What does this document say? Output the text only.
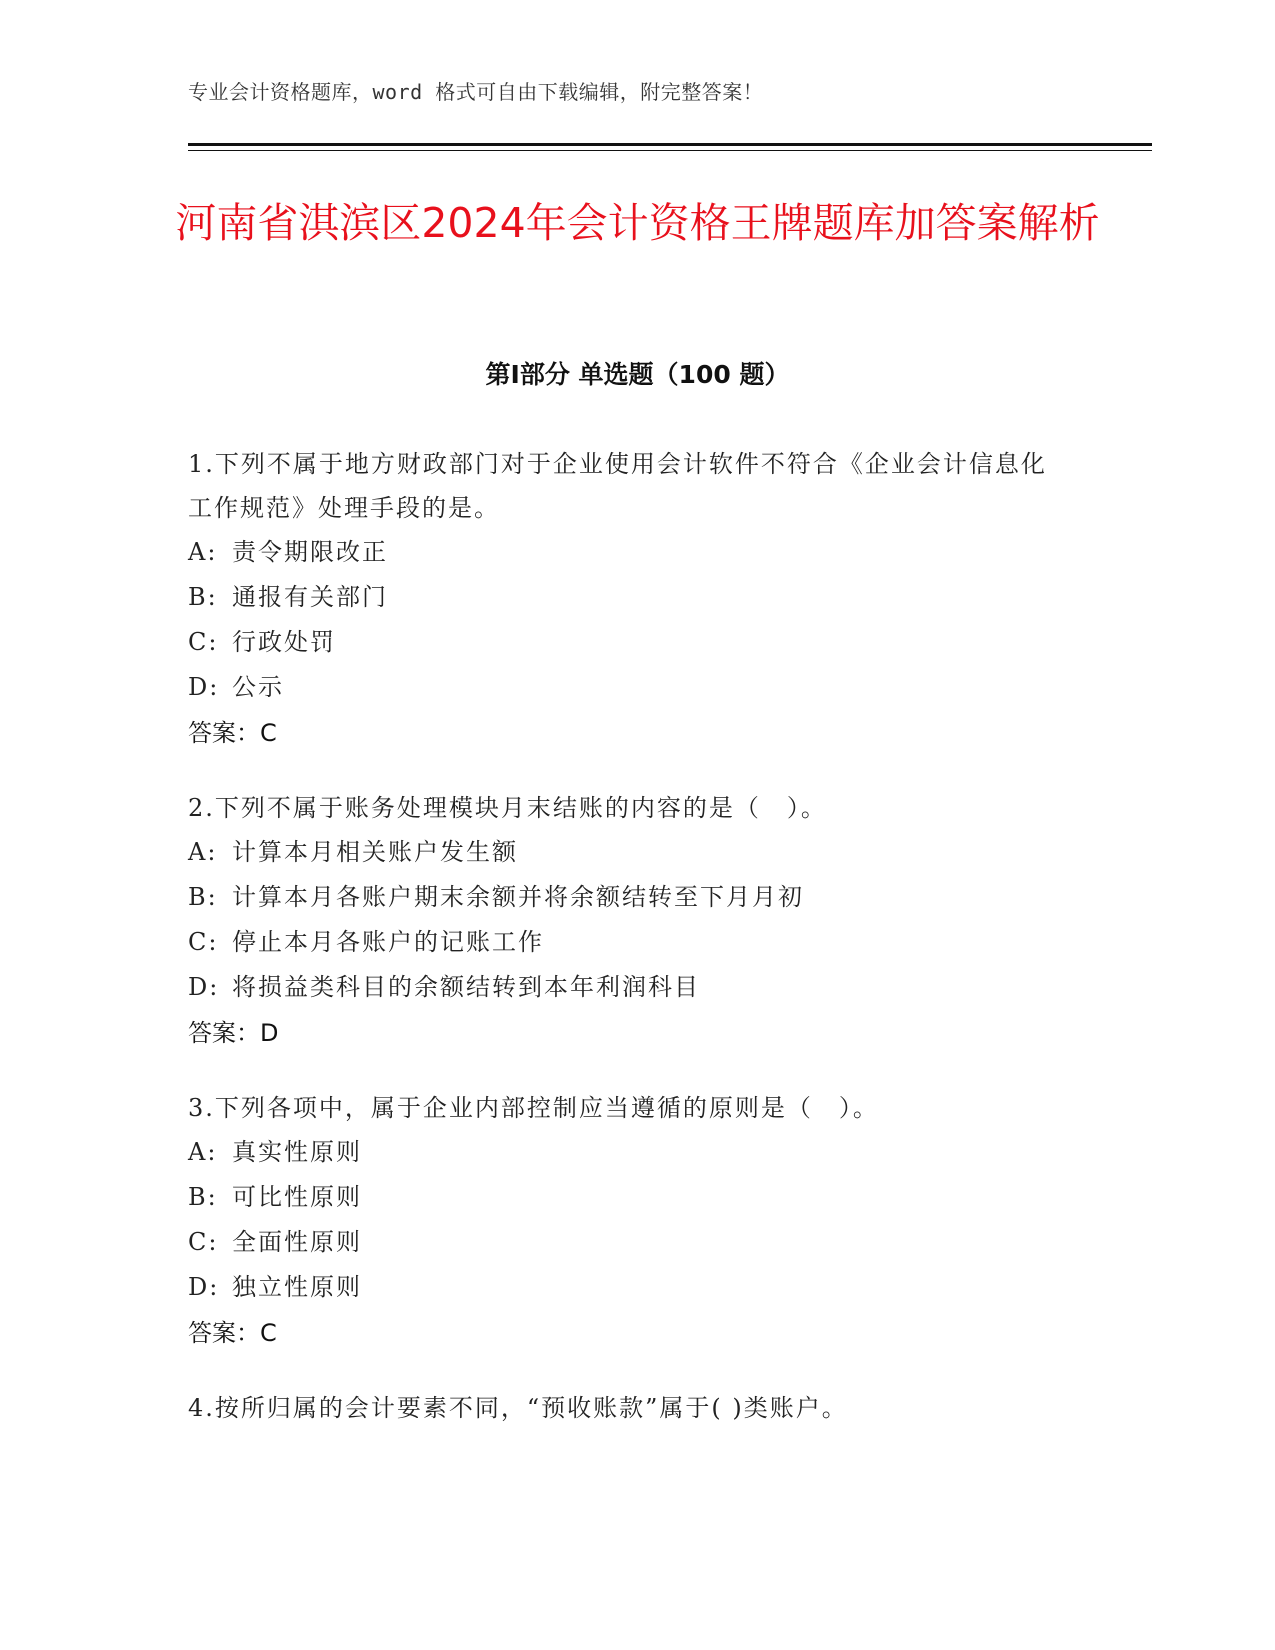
专业会计资格题库，word 格式可自由下载编辑，附完整答案！
河南省淇滨区2024年会计资格王牌题库加答案解析
第Ⅰ部分 单选题（100 题）
1.下列不属于地方财政部门对于企业使用会计软件不符合《企业会计信息化工作规范》处理手段的是。
A: 责令期限改正
B: 通报有关部门
C: 行政处罚
D: 公示
答案：C
2.下列不属于账务处理模块月末结账的内容的是（　）。
A: 计算本月相关账户发生额
B: 计算本月各账户期末余额并将余额结转至下月月初
C: 停止本月各账户的记账工作
D: 将损益类科目的余额结转到本年利润科目
答案：D
3.下列各项中，属于企业内部控制应当遵循的原则是（　）。
A: 真实性原则
B: 可比性原则
C: 全面性原则
D: 独立性原则
答案：C
4.按所归属的会计要素不同，“预收账款”属于( )类账户。
